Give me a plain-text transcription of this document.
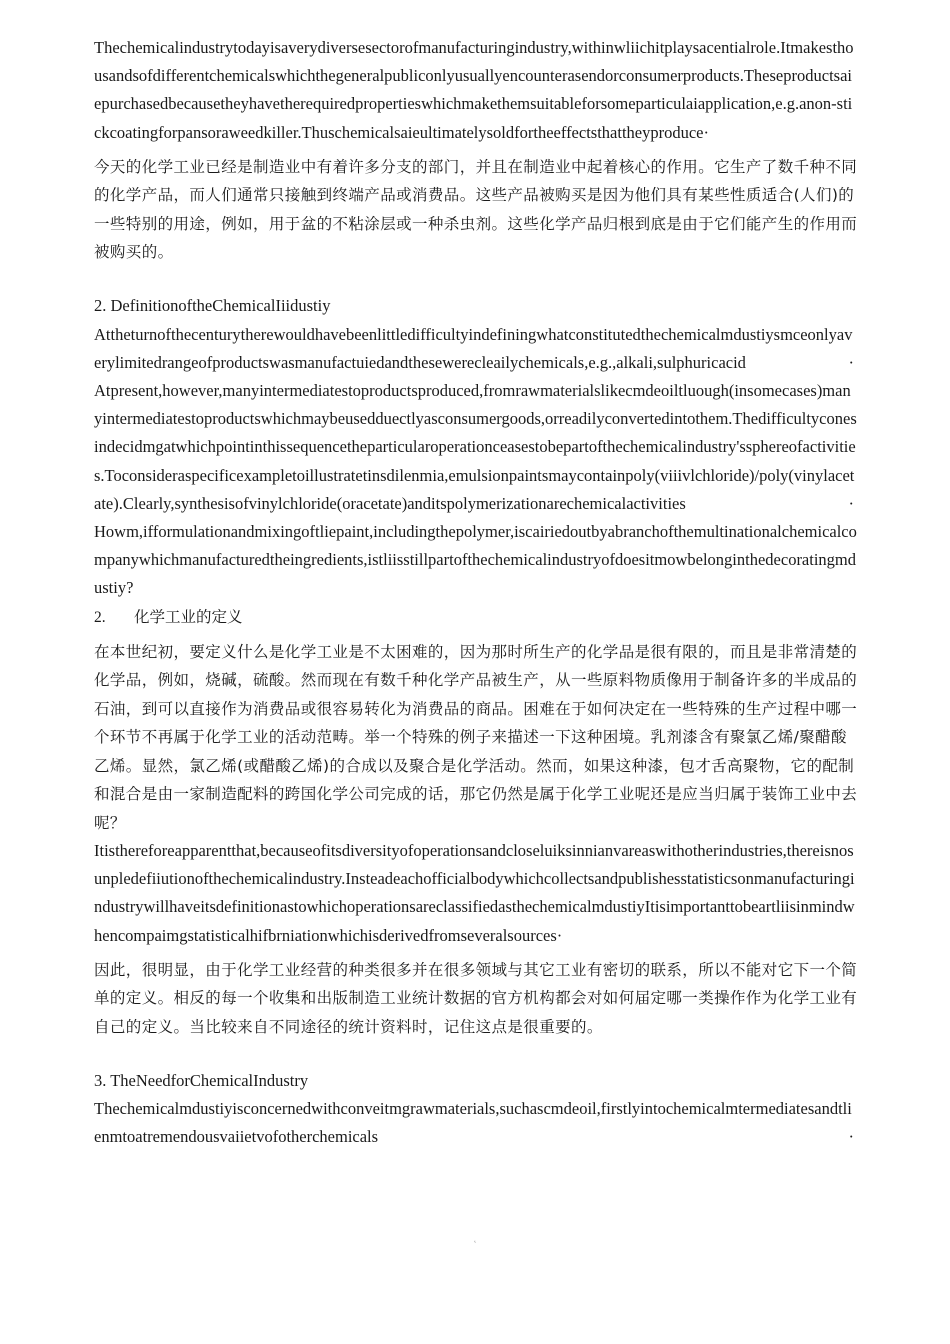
Thechemicalindustrytodayisaverydiversesectorofmanufacturingindustry,withinwliichitplaysacentialrole.Itmakesthousandsofdifferentchemicalswhichthegeneralpubliconlyusuallyencounterasendorconsumerproducts.Theseproductsaiepurchasedbecausetheyhavetherequiredpropertieswhichmakethemsuitableforsomeparticulaiapplication,e.g.anon-stickcoatingforpansoraweedkiller.Thuschemicalsaieultimatelysoldfortheeffectsthattheyproduce·

今天的化学工业已经是制造业中有着许多分支的部门，并且在制造业中起着核心的作用。它生产了数千种不同的化学产品，而人们通常只接触到终端产品或消费品。这些产品被购买是因为他们具有某些性质适合(人们)的一些特别的用途，例如，用于盆的不粘涂层或一种杀虫剂。这些化学产品归根到底是由于它们能产生的作用而被购买的。

2. DefinitionoftheChemicalIiidustiy

Attheturnofthecenturytherewouldhavebeenlittledifficultyindefiningwhatconstitutedthechemicalmdustiysmceonlyaverylimitedrangeofproductswasmanufactuiedandthesewerecleailychemicals,e.g.,alkali,sulphuricacid	·

Atpresent,however,manyintermediatestoproductsproduced,fromrawmaterialslikecmdeoiltluough(insomecases)manyintermediatestoproductswhichmaybeusedduectlyasconsumergoods,orreadilyconvertedintothem.Thedifficultyconesindecidmgatwhichpointinthissequencetheparticularoperationceasestobepartofthechemicalindustry'ssphereofactivities.Toconsideraspecificexampletoillustratetinsdilenmia,emulsionpaintsmaycontainpoly(viiivlchloride)/poly(vinylacetate).Clearly,synthesisofvinylchloride(oracetate)anditspolymerizationarechemicalactivities	·

Howm,ifformulationandmixingoftliepaint,includingthepolymer,iscairiedoutbyabranchofthemultinationalchemicalcompanywhichmanufacturedtheingredients,istliisstillpartofthechemicalindustryofdoesitmowbelonginthedecoratingmdustiy?

2. 化学工业的定义

在本世纪初，要定义什么是化学工业是不太困难的，因为那时所生产的化学品是很有限的，而且是非常清楚的化学品，例如，烧碱，硫酸。然而现在有数千种化学产品被生产，从一些原料物质像用于制备许多的半成品的石油，到可以直接作为消费品或很容易转化为消费品的商品。困难在于如何决定在一些特殊的生产过程中哪一个环节不再属于化学工业的活动范畴。举一个特殊的例子来描述一下这种困境。乳剂漆含有聚氯乙烯/聚醋酸乙烯。显然，氯乙烯(或醋酸乙烯)的合成以及聚合是化学活动。然而，如果这种漆，包才舌高聚物，它的配制和混合是由一家制造配料的跨国化学公司完成的话，那它仍然是属于化学工业呢还是应当归属于装饰工业中去呢？

Itisthereforeapparentthat,becauseofitsdiversityofoperationsandcloseluiksinnianvareaswithotherindustries,thereisnosunpledefiiutionofthechemicalindustry.InsteadeachofficialbodywhichcollectsandpublishesstatisticsonmanufacturingindustrywillhaveitsdefinitionastowhichoperationsareclassifiedasthechemicalmdustiyItisimportanttobeartliisinmindwhencompaimgstatisticalhifbrniationwhichisderivedfromseveralsources·

因此，很明显，由于化学工业经营的种类很多并在很多领域与其它工业有密切的联系，所以不能对它下一个简单的定义。相反的每一个收集和出版制造工业统计数据的官方机构都会对如何届定哪一类操作作为化学工业有自己的定义。当比较来自不同途径的统计资料时，记住这点是很重要的。

3. TheNeedforChemicalIndustry

Thechemicalmdustiyisconcernedwithconveitmgrawmaterials,suchascmdeoil,firstlyintochemicalmtermediatesandtlienmtoatremendousvaiietvofotherchemicals	·

˛
